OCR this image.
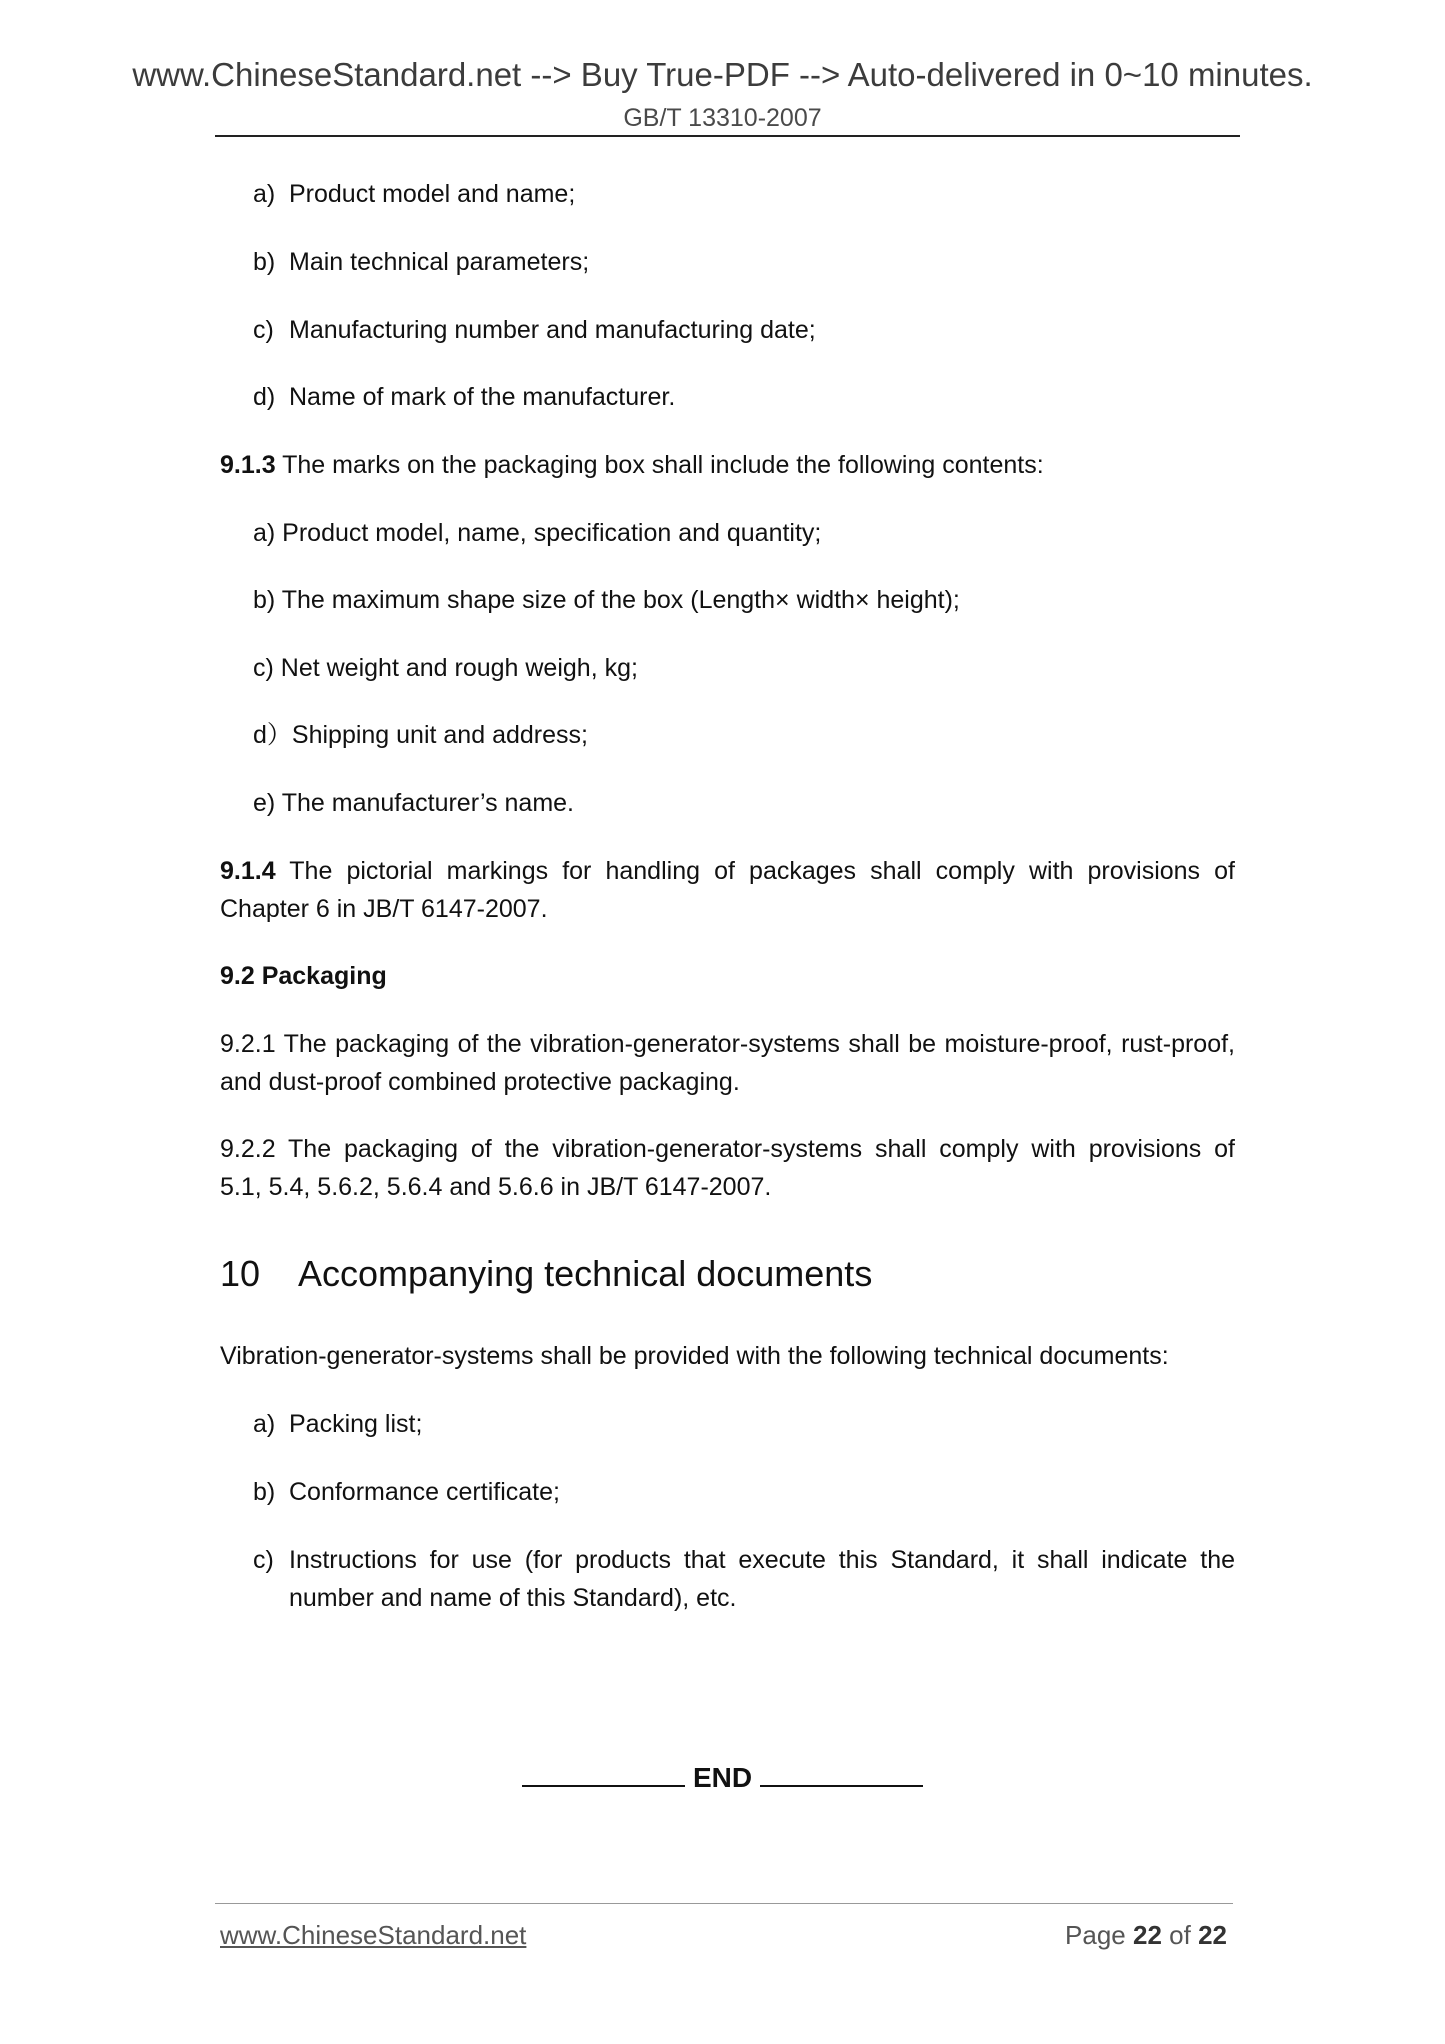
www.ChineseStandard.net --> Buy True-PDF --> Auto-delivered in 0~10 minutes.
GB/T 13310-2007
a) Product model and name;
b) Main technical parameters;
c) Manufacturing number and manufacturing date;
d) Name of mark of the manufacturer.
9.1.3 The marks on the packaging box shall include the following contents:
a) Product model, name, specification and quantity;
b) The maximum shape size of the box (Length× width× height);
c) Net weight and rough weigh, kg;
d）Shipping unit and address;
e) The manufacturer’s name.
9.1.4 The pictorial markings for handling of packages shall comply with provisions of
Chapter 6 in JB/T 6147-2007.
9.2 Packaging
9.2.1 The packaging of the vibration-generator-systems shall be moisture-proof, rust-proof,
and dust-proof combined protective packaging.
9.2.2 The packaging of the vibration-generator-systems shall comply with provisions of
5.1, 5.4, 5.6.2, 5.6.4 and 5.6.6 in JB/T 6147-2007.
10 Accompanying technical documents
Vibration-generator-systems shall be provided with the following technical documents:
a) Packing list;
b) Conformance certificate;
c) Instructions for use (for products that execute this Standard, it shall indicate the
number and name of this Standard), etc.
END
www.ChineseStandard.net	Page 22 of 22
